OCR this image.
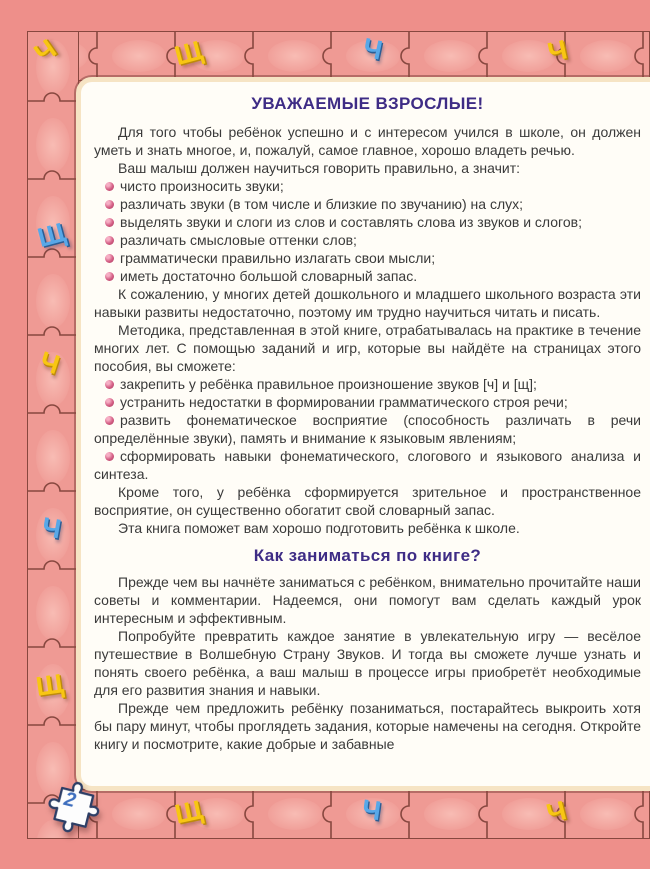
Ч	Щ	Ч	Ч
Щ
Ч
Ч
Щ
Щ	Ч	Ч
УВАЖАЕМЫЕ ВЗРОСЛЫЕ!

Для того чтобы ребёнок успешно и с интересом учился в школе, он должен уметь и знать многое, и, пожалуй, самое главное, хорошо владеть речью.

Ваш малыш должен научиться говорить правильно, а значит:

чисто произносить звуки;

различать звуки (в том числе и близкие по звучанию) на слух;

выделять звуки и слоги из слов и составлять слова из звуков и слогов;

различать смысловые оттенки слов;

грамматически правильно излагать свои мысли;

иметь достаточно большой словарный запас.

К сожалению, у многих детей дошкольного и младшего школьного возраста эти навыки развиты недостаточно, поэтому им трудно научиться читать и писать.

Методика, представленная в этой книге, отрабатывалась на практике в течение многих лет. С помощью заданий и игр, которые вы найдёте на страницах этого пособия, вы сможете:

закрепить у ребёнка правильное произношение звуков [ч] и [щ];

устранить недостатки в формировании грамматического строя речи;

развить фонематическое восприятие (способность различать в речи определённые звуки), память и внимание к языковым явлениям;

сформировать навыки фонематического, слогового и языкового анализа и синтеза.

Кроме того, у ребёнка сформируется зрительное и пространственное восприятие, он существенно обогатит свой словарный запас.

Эта книга поможет вам хорошо подготовить ребёнка к школе.

Как заниматься по книге?

Прежде чем вы начнёте заниматься с ребёнком, внимательно прочитайте наши советы и комментарии. Надеемся, они помогут вам сделать каждый урок интересным и эффективным.

Попробуйте превратить каждое занятие в увлекательную игру — весёлое путешествие в Волшебную Страну Звуков. И тогда вы сможете лучше узнать и понять своего ребёнка, а ваш малыш в процессе игры приобретёт необходимые для его развития знания и навыки.

Прежде чем предложить ребёнку позаниматься, постарайтесь выкроить хотя бы пару минут, чтобы проглядеть задания, которые намечены на сегодня. Откройте книгу и посмотрите, какие добрые и забавные

2
